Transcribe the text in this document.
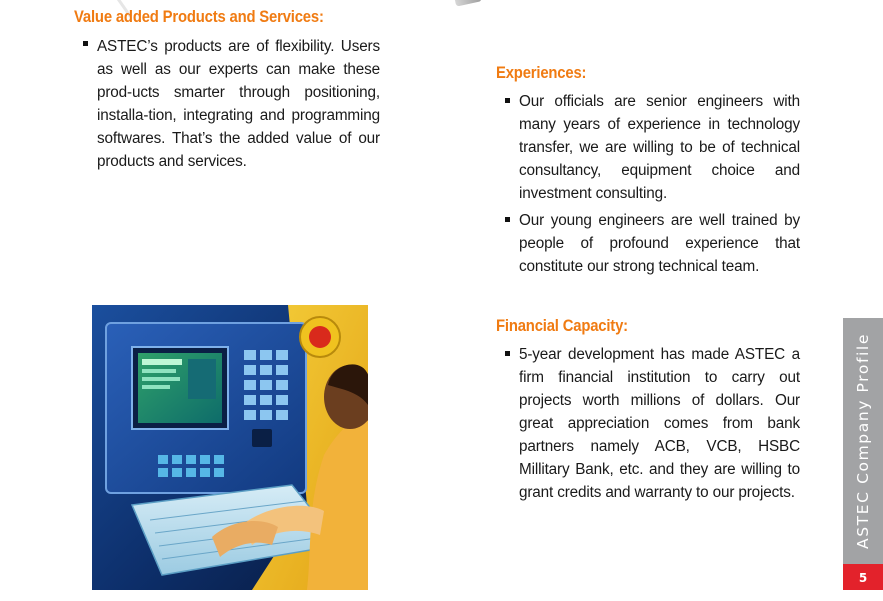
Value added Products and Services:
ASTEC’s products are of flexibility. Users as well as our experts can make these prod-ucts smarter through positioning, installa-tion, integrating and programming softwares. That’s the added value of our products and services.
Experiences:
Our officials are senior engineers with many years of experience in technology transfer, we are willing to be of technical consultancy, equipment choice and investment consulting.
Our young engineers are well trained by people of profound experience that constitute our strong technical team.
Financial Capacity:
5-year development has made ASTEC a firm financial institution to carry out projects worth millions of dollars. Our great appreciation comes from bank partners namely ACB, VCB, HSBC Millitary Bank, etc. and they are willing to grant credits and warranty to our projects.	ASTEC Company Profile
5
